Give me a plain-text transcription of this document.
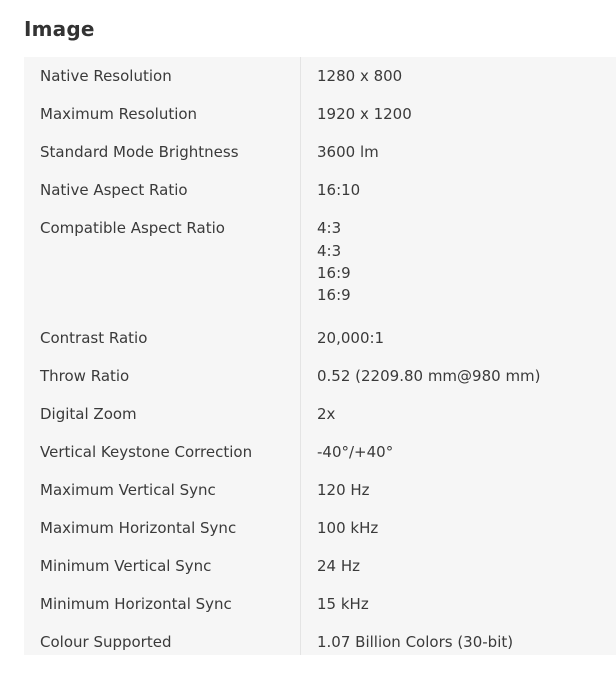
Image
Native Resolution	1280 x 800
Maximum Resolution	1920 x 1200
Standard Mode Brightness	3600 lm
Native Aspect Ratio	16:10
Compatible Aspect Ratio	4:3
4:3
16:9
16:9
Contrast Ratio	20,000:1
Throw Ratio	0.52 (2209.80 mm@980 mm)
Digital Zoom	2x
Vertical Keystone Correction	-40°/+40°
Maximum Vertical Sync	120 Hz
Maximum Horizontal Sync	100 kHz
Minimum Vertical Sync	24 Hz
Minimum Horizontal Sync	15 kHz
Colour Supported	1.07 Billion Colors (30-bit)
